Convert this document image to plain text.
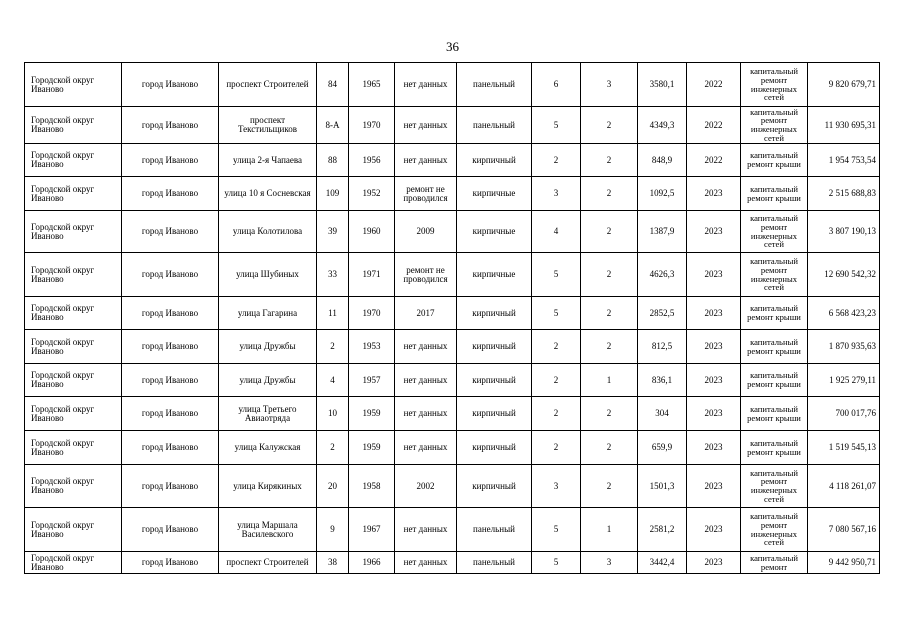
36
Городской округ Иваново	город Иваново	проспект Строителей	84	1965	нет данных	панельный	6	3	3580,1	2022	капитальный ремонт инженерных сетей	9 820 679,71
Городской округ Иваново	город Иваново	проспект Текстильщиков	8-А	1970	нет данных	панельный	5	2	4349,3	2022	капитальный ремонт инженерных сетей	11 930 695,31
Городской округ Иваново	город Иваново	улица 2-я Чапаева	88	1956	нет данных	кирпичный	2	2	848,9	2022	капитальный ремонт крыши	1 954 753,54
Городской округ Иваново	город Иваново	улица 10 я Сосневская	109	1952	ремонт не проводился	кирпичные	3	2	1092,5	2023	капитальный ремонт крыши	2 515 688,83
Городской округ Иваново	город Иваново	улица Колотилова	39	1960	2009	кирпичные	4	2	1387,9	2023	капитальный ремонт инженерных сетей	3 807 190,13
Городской округ Иваново	город Иваново	улица Шубиных	33	1971	ремонт не проводился	кирпичные	5	2	4626,3	2023	капитальный ремонт инженерных сетей	12 690 542,32
Городской округ Иваново	город Иваново	улица Гагарина	11	1970	2017	кирпичный	5	2	2852,5	2023	капитальный ремонт крыши	6 568 423,23
Городской округ Иваново	город Иваново	улица Дружбы	2	1953	нет данных	кирпичный	2	2	812,5	2023	капитальный ремонт крыши	1 870 935,63
Городской округ Иваново	город Иваново	улица Дружбы	4	1957	нет данных	кирпичный	2	1	836,1	2023	капитальный ремонт крыши	1 925 279,11
Городской округ Иваново	город Иваново	улица Третьего Авиаотряда	10	1959	нет данных	кирпичный	2	2	304	2023	капитальный ремонт крыши	700 017,76
Городской округ Иваново	город Иваново	улица Калужская	2	1959	нет данных	кирпичный	2	2	659,9	2023	капитальный ремонт крыши	1 519 545,13
Городской округ Иваново	город Иваново	улица Кирякиных	20	1958	2002	кирпичный	3	2	1501,3	2023	капитальный ремонт инженерных сетей	4 118 261,07
Городской округ Иваново	город Иваново	улица Маршала Василевского	9	1967	нет данных	панельный	5	1	2581,2	2023	капитальный ремонт инженерных сетей	7 080 567,16
Городской округ Иваново	город Иваново	проспект Строителей	38	1966	нет данных	панельный	5	3	3442,4	2023	капитальный ремонт	9 442 950,71
